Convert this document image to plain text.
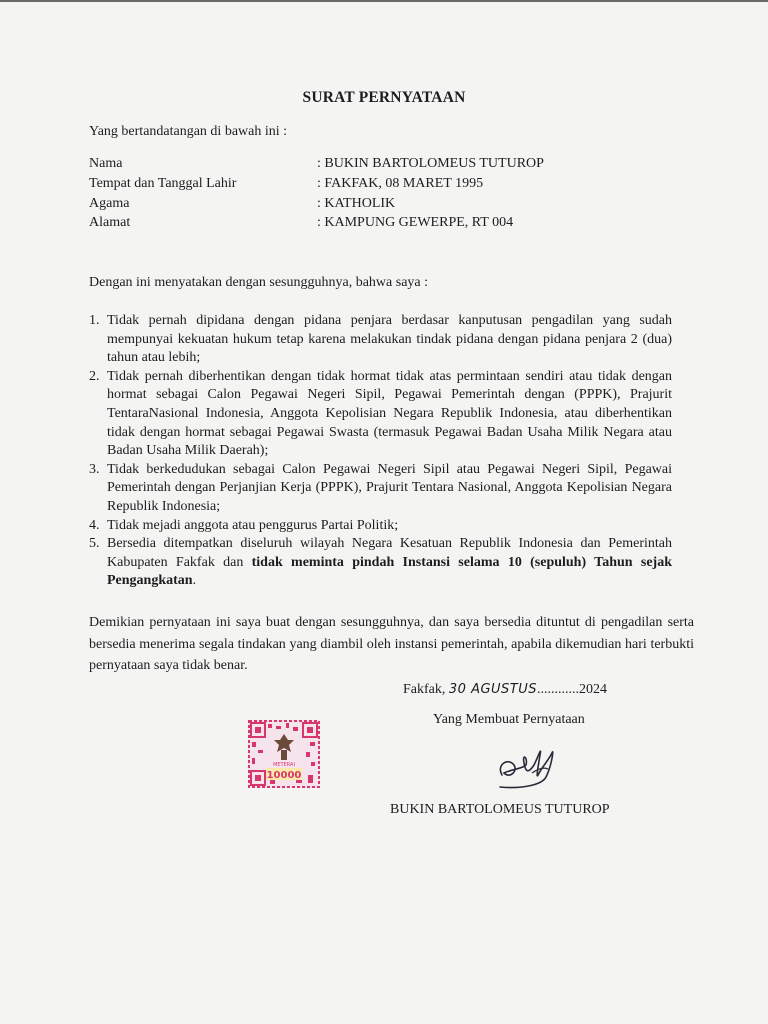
SURAT PERNYATAAN
Yang bertandatangan di bawah ini :
Nama	: BUKIN BARTOLOMEUS TUTUROP
Tempat dan Tanggal Lahir	: FAKFAK, 08 MARET 1995
Agama	: KATHOLIK
Alamat	: KAMPUNG GEWERPE, RT 004
Dengan ini menyatakan dengan sesungguhnya, bahwa saya :
1. Tidak pernah dipidana dengan pidana penjara berdasar kanputusan pengadilan yang sudah mempunyai kekuatan hukum tetap karena melakukan tindak pidana dengan pidana penjara 2 (dua) tahun atau lebih;
2. Tidak pernah diberhentikan dengan tidak hormat tidak atas permintaan sendiri atau tidak dengan hormat sebagai Calon Pegawai Negeri Sipil, Pegawai Pemerintah dengan (PPPK), Prajurit TentaraNasional Indonesia, Anggota Kepolisian Negara Republik Indonesia, atau diberhentikan tidak dengan hormat sebagai Pegawai Swasta (termasuk Pegawai Badan Usaha Milik Negara atau Badan Usaha Milik Daerah);
3. Tidak berkedudukan sebagai Calon Pegawai Negeri Sipil atau Pegawai Negeri Sipil, Pegawai Pemerintah dengan Perjanjian Kerja (PPPK), Prajurit Tentara Nasional, Anggota Kepolisian Negara Republik Indonesia;
4. Tidak mejadi anggota atau penggurus Partai Politik;
5. Bersedia ditempatkan diseluruh wilayah Negara Kesatuan Republik Indonesia dan Pemerintah Kabupaten Fakfak dan tidak meminta pindah Instansi selama 10 (sepuluh) Tahun sejak Pengangkatan.
Demikian pernyataan ini saya buat dengan sesungguhnya, dan saya bersedia dituntut di pengadilan serta bersedia menerima segala tindakan yang diambil oleh instansi pemerintah, apabila dikemudian hari terbukti pernyataan saya tidak benar.
Fakfak, 30 AGUSTUS............2024
Yang Membuat Pernyataan
METERAI
10000
BUKIN BARTOLOMEUS TUTUROP
